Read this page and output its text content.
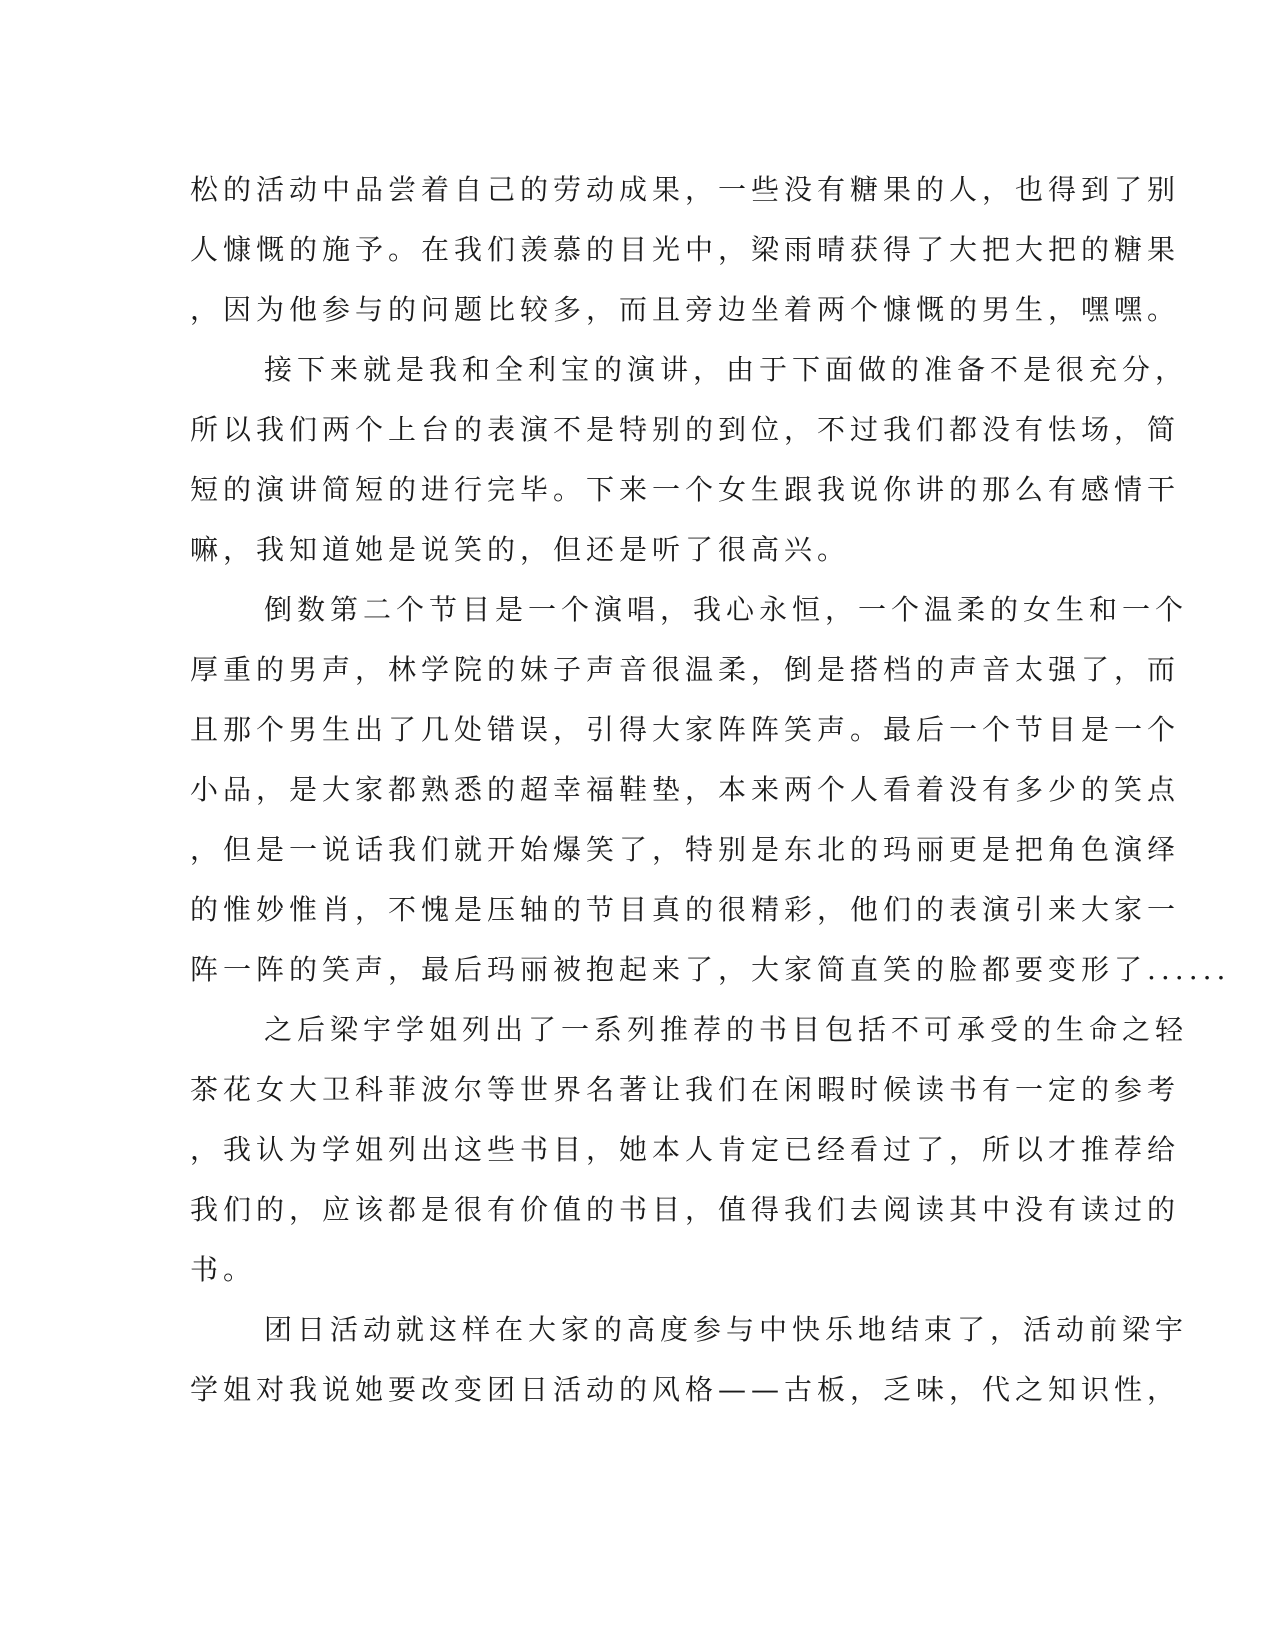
松的活动中品尝着自己的劳动成果，一些没有糖果的人，也得到了别
人慷慨的施予。在我们羡慕的目光中，梁雨晴获得了大把大把的糖果
，因为他参与的问题比较多，而且旁边坐着两个慷慨的男生，嘿嘿。
接下来就是我和全利宝的演讲，由于下面做的准备不是很充分，
所以我们两个上台的表演不是特别的到位，不过我们都没有怯场，简
短的演讲简短的进行完毕。下来一个女生跟我说你讲的那么有感情干
嘛，我知道她是说笑的，但还是听了很高兴。
倒数第二个节目是一个演唱，我心永恒，一个温柔的女生和一个
厚重的男声，林学院的妹子声音很温柔，倒是搭档的声音太强了，而
且那个男生出了几处错误，引得大家阵阵笑声。最后一个节目是一个
小品，是大家都熟悉的超幸福鞋垫，本来两个人看着没有多少的笑点
，但是一说话我们就开始爆笑了，特别是东北的玛丽更是把角色演绎
的惟妙惟肖，不愧是压轴的节目真的很精彩，他们的表演引来大家一
阵一阵的笑声，最后玛丽被抱起来了，大家简直笑的脸都要变形了......
之后梁宇学姐列出了一系列推荐的书目包括不可承受的生命之轻
茶花女大卫科菲波尔等世界名著让我们在闲暇时候读书有一定的参考
，我认为学姐列出这些书目，她本人肯定已经看过了，所以才推荐给
我们的，应该都是很有价值的书目，值得我们去阅读其中没有读过的
书。
团日活动就这样在大家的高度参与中快乐地结束了，活动前梁宇
学姐对我说她要改变团日活动的风格——古板，乏味，代之知识性，
